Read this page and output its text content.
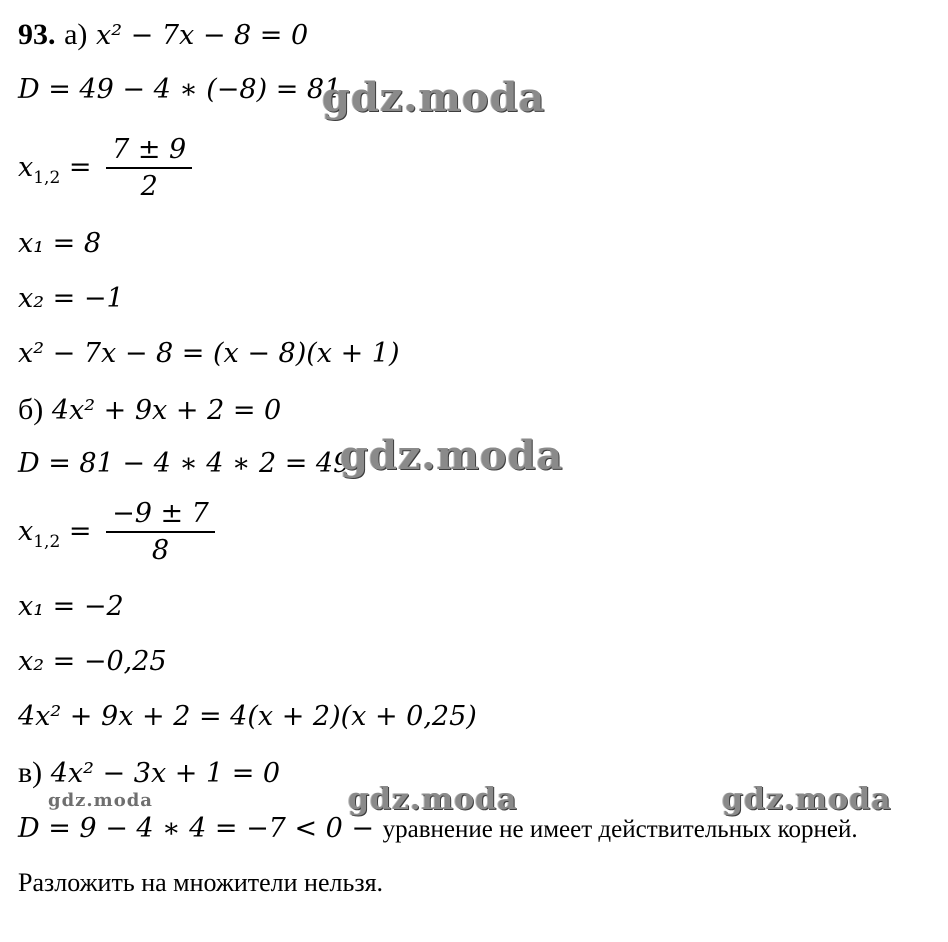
93. а) x² − 7x − 8 = 0
D = 49 − 4 ∗ (−8) = 81
$x_{1,2} = \frac{7 \pm 9}{2}$
x₁ = 8
x₂ = −1
x² − 7x − 8 = (x − 8)(x + 1)
б) 4x² + 9x + 2 = 0
D = 81 − 4 ∗ 4 ∗ 2 = 49
$x_{1,2} = \frac{-9 \pm 7}{8}$
x₁ = −2
x₂ = −0,25
4x² + 9x + 2 = 4(x + 2)(x + 0,25)
в) 4x² − 3x + 1 = 0
D = 9 − 4 ∗ 4 = −7 < 0 − уравнение не имеет действительных корней.
Разложить на множители нельзя.
gdz.moda
gdz.moda
gdz.moda	gdz.moda	gdz.moda
